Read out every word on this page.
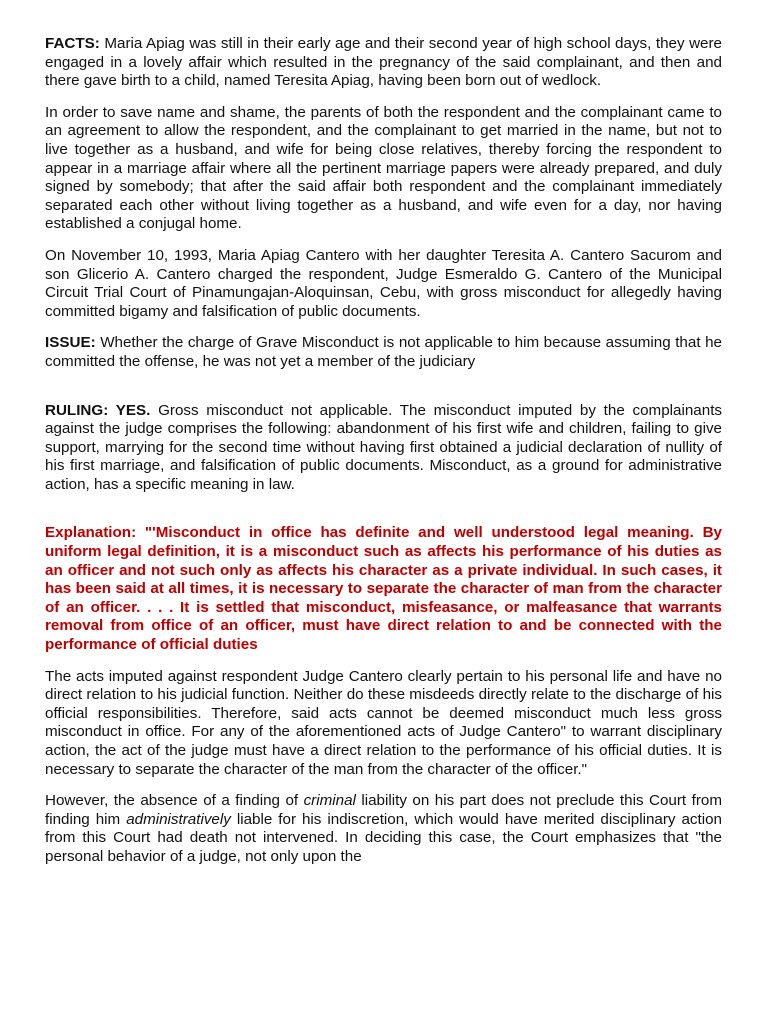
FACTS: Maria Apiag was still in their early age and their second year of high school days, they were engaged in a lovely affair which resulted in the pregnancy of the said complainant, and then and there gave birth to a child, named Teresita Apiag, having been born out of wedlock.

In order to save name and shame, the parents of both the respondent and the complainant came to an agreement to allow the respondent, and the complainant to get married in the name, but not to live together as a husband, and wife for being close relatives, thereby forcing the respondent to appear in a marriage affair where all the pertinent marriage papers were already prepared, and duly signed by somebody; that after the said affair both respondent and the complainant immediately separated each other without living together as a husband, and wife even for a day, nor having established a conjugal home.

On November 10, 1993, Maria Apiag Cantero with her daughter Teresita A. Cantero Sacurom and son Glicerio A. Cantero charged the respondent, Judge Esmeraldo G. Cantero of the Municipal Circuit Trial Court of Pinamungajan-Aloquinsan, Cebu, with gross misconduct for allegedly having committed bigamy and falsification of public documents.

ISSUE: Whether the charge of Grave Misconduct is not applicable to him because assuming that he committed the offense, he was not yet a member of the judiciary

RULING: YES. Gross misconduct not applicable. The misconduct imputed by the complainants against the judge comprises the following: abandonment of his first wife and children, failing to give support, marrying for the second time without having first obtained a judicial declaration of nullity of his first marriage, and falsification of public documents. Misconduct, as a ground for administrative action, has a specific meaning in law.

Explanation: "'Misconduct in office has definite and well understood legal meaning. By uniform legal definition, it is a misconduct such as affects his performance of his duties as an officer and not such only as affects his character as a private individual. In such cases, it has been said at all times, it is necessary to separate the character of man from the character of an officer. . . . It is settled that misconduct, misfeasance, or malfeasance that warrants removal from office of an officer, must have direct relation to and be connected with the performance of official duties

The acts imputed against respondent Judge Cantero clearly pertain to his personal life and have no direct relation to his judicial function. Neither do these misdeeds directly relate to the discharge of his official responsibilities. Therefore, said acts cannot be deemed misconduct much less gross misconduct in office. For any of the aforementioned acts of Judge Cantero" to warrant disciplinary action, the act of the judge must have a direct relation to the performance of his official duties. It is necessary to separate the character of the man from the character of the officer."

However, the absence of a finding of criminal liability on his part does not preclude this Court from finding him administratively liable for his indiscretion, which would have merited disciplinary action from this Court had death not intervened. In deciding this case, the Court emphasizes that "the personal behavior of a judge, not only upon the
